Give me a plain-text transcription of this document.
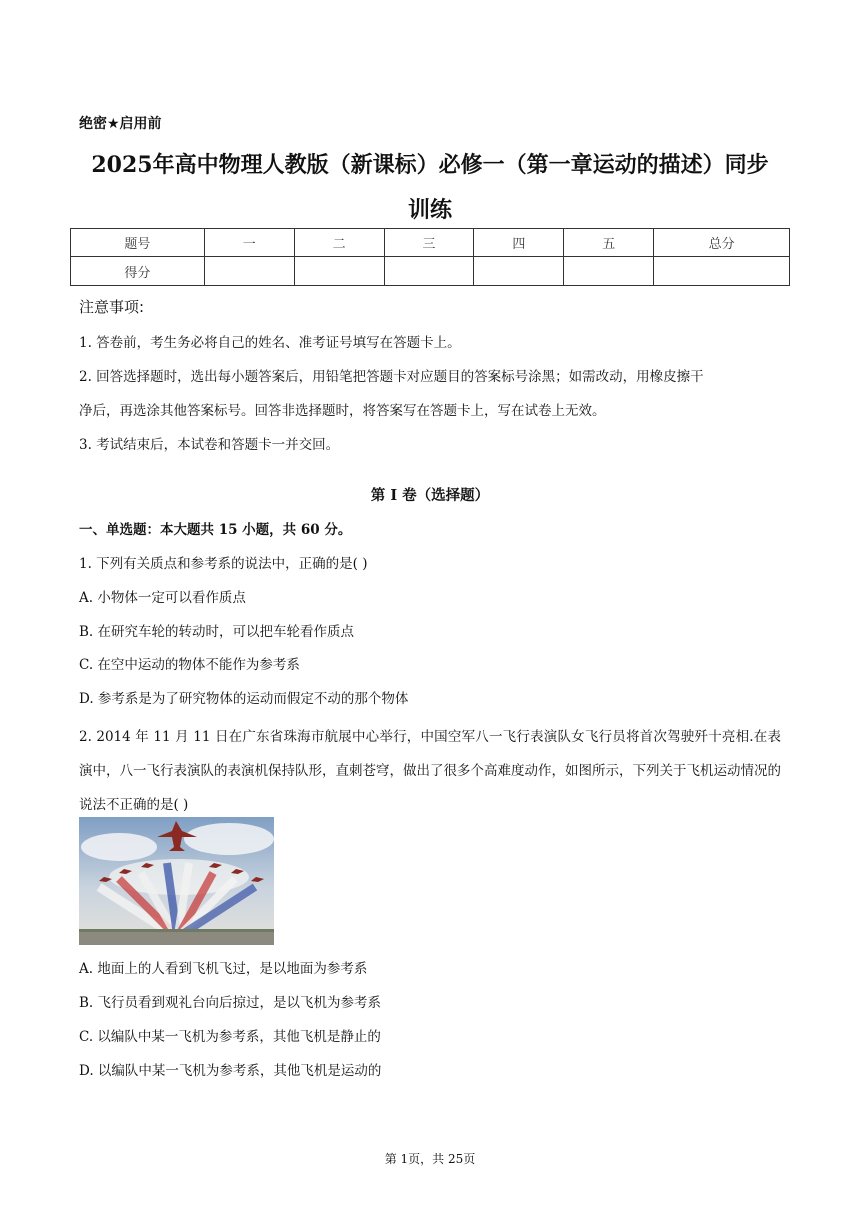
绝密★启用前
2025年高中物理人教版（新课标）必修一（第一章运动的描述）同步
训练
题号	一	二	三	四	五	总分
得分						
注意事项:
1. 答卷前，考生务必将自己的姓名、准考证号填写在答题卡上。
2. 回答选择题时，选出每小题答案后，用铅笔把答题卡对应题目的答案标号涂黑；如需改动，用橡皮擦干
净后，再选涂其他答案标号。回答非选择题时，将答案写在答题卡上，写在试卷上无效。
3. 考试结束后，本试卷和答题卡一并交回。
第 I 卷（选择题）
一、单选题：本大题共 15 小题，共 60 分。
1. 下列有关质点和参考系的说法中，正确的是( )
A. 小物体一定可以看作质点
B. 在研究车轮的转动时，可以把车轮看作质点
C. 在空中运动的物体不能作为参考系
D. 参考系是为了研究物体的运动而假定不动的那个物体
2. 2014 年 11 月 11 日在广东省珠海市航展中心举行，中国空军八一飞行表演队女飞行员将首次驾驶歼十亮相.在表演中，八一飞行表演队的表演机保持队形，直刺苍穹，做出了很多个高难度动作，如图所示，下列关于飞机运动情况的说法不正确的是( )
A. 地面上的人看到飞机飞过，是以地面为参考系
B. 飞行员看到观礼台向后掠过，是以飞机为参考系
C. 以编队中某一飞机为参考系，其他飞机是静止的
D. 以编队中某一飞机为参考系，其他飞机是运动的
第 1页，共 25页
